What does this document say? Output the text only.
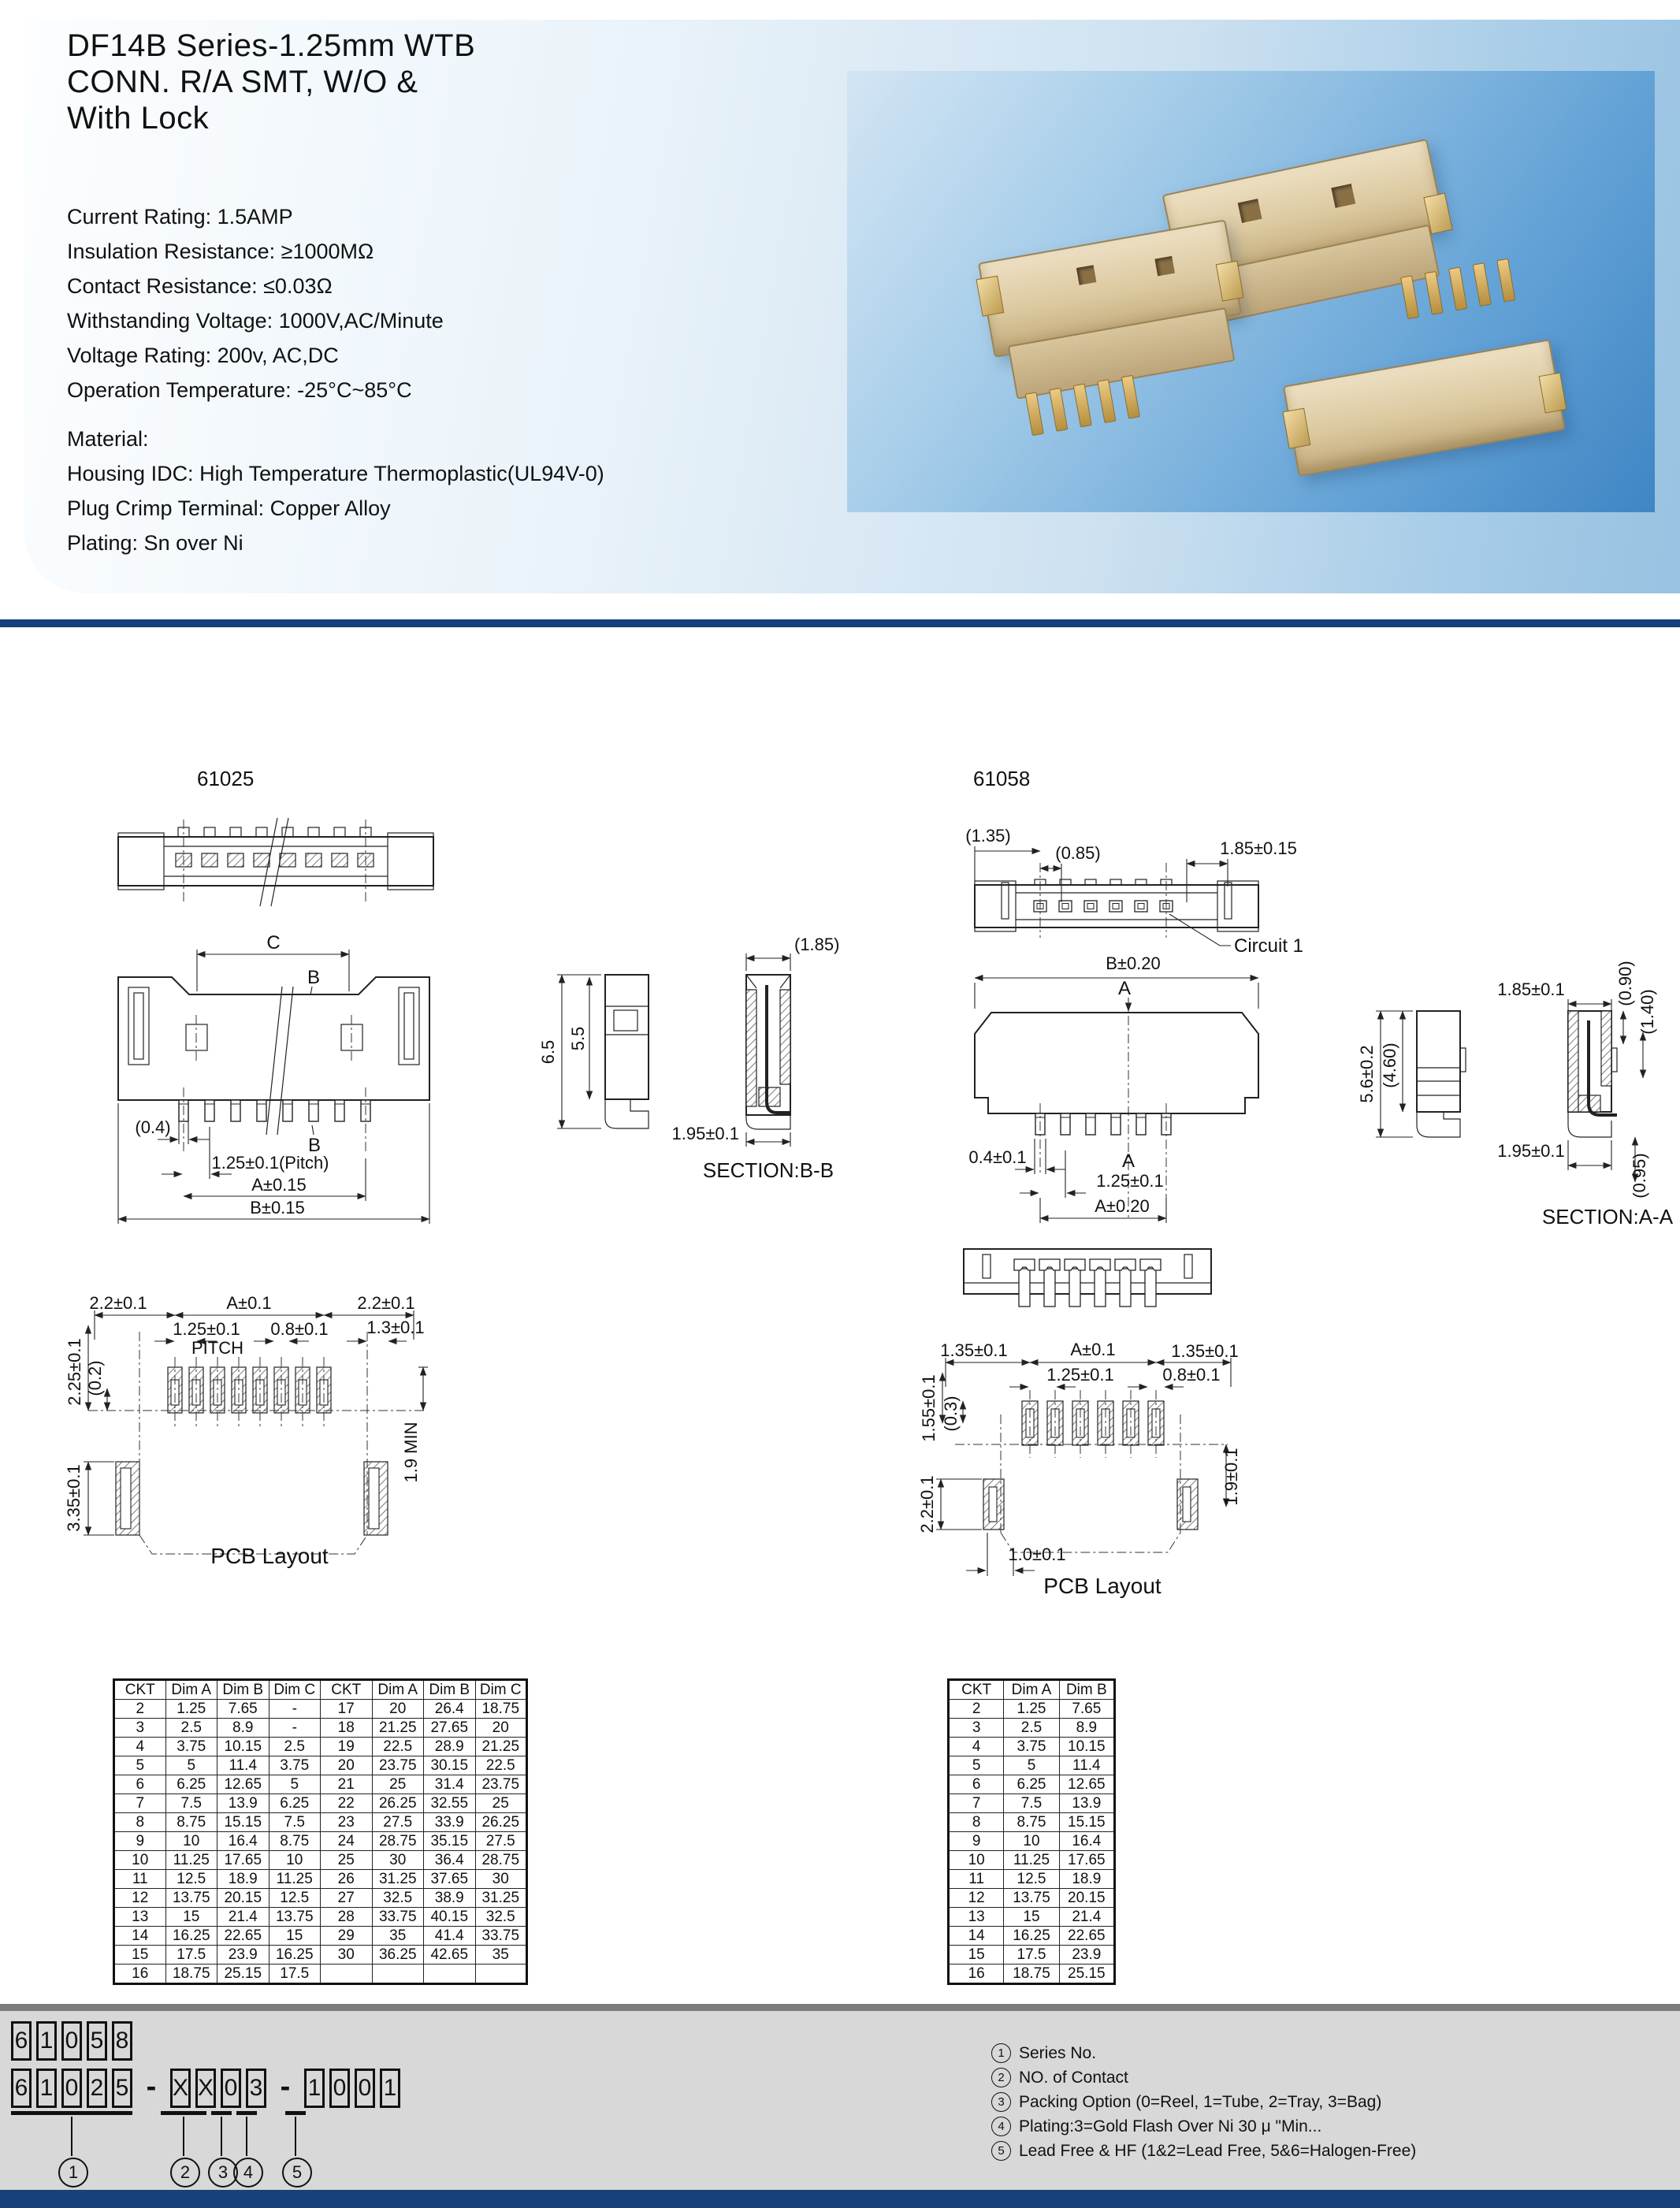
DF14B Series-1.25mm WTB
CONN. R/A SMT, W/O &
With Lock
Current Rating: 1.5AMP
Insulation Resistance: ≥1000MΩ
Contact Resistance: ≤0.03Ω
Withstanding Voltage: 1000V,AC/Minute
Voltage Rating: 200v, AC,DC
Operation Temperature: -25°C~85°C
Material:
Housing IDC: High Temperature Thermoplastic(UL94V-0)
Plug Crimp Terminal: Copper Alloy
Plating: Sn over Ni
61025
C
B
(0.4)
1.25±0.1(Pitch)
A±0.15
B±0.15
B
6.5
5.5
(1.85)
1.95±0.1
SECTION:B-B
2.2±0.1	A±0.1	2.2±0.1
1.25±0.1
PITCH
0.8±0.1 1.3±0.1
2.25±0.1 (0.2)
3.35±0.1
1.9 MIN
PCB Layout
61058
(1.35)
(0.85)	1.85±0.15
Circuit 1
B±0.20
A
0.4±0.1	A
1.25±0.1
A±0.20
5.6±0.2 (4.60)
1.85±0.1	(0.90)
(1.40)
1.95±0.1
(0.95)
SECTION:A-A
1.35±0.1	A±0.1	1.35±0.1
1.25±0.1	0.8±0.1
1.55±0.1 (0.3)
2.2±0.1	1.9±0.1
1.0±0.1
PCB Layout
CKT	Dim A	Dim B	Dim C	CKT	Dim A	Dim B	Dim C
2	1.25	7.65	-	17	20	26.4	18.75
3	2.5	8.9	-	18	21.25	27.65	20
4	3.75	10.15	2.5	19	22.5	28.9	21.25
5	5	11.4	3.75	20	23.75	30.15	22.5
6	6.25	12.65	5	21	25	31.4	23.75
7	7.5	13.9	6.25	22	26.25	32.55	25
8	8.75	15.15	7.5	23	27.5	33.9	26.25
9	10	16.4	8.75	24	28.75	35.15	27.5
10	11.25	17.65	10	25	30	36.4	28.75
11	12.5	18.9	11.25	26	31.25	37.65	30
12	13.75	20.15	12.5	27	32.5	38.9	31.25
13	15	21.4	13.75	28	33.75	40.15	32.5
14	16.25	22.65	15	29	35	41.4	33.75
15	17.5	23.9	16.25	30	36.25	42.65	35
16	18.75	25.15	17.5				
CKT	Dim A	Dim B
2	1.25	7.65
3	2.5	8.9
4	3.75	10.15
5	5	11.4
6	6.25	12.65
7	7.5	13.9
8	8.75	15.15
9	10	16.4
10	11.25	17.65
11	12.5	18.9
12	13.75	20.15
13	15	21.4
14	16.25	22.65
15	17.5	23.9
16	18.75	25.15
6 1 0 5 8
6 1 0 2 5 - X X 0 3 - 1 0 0 1
1	2 3 4 5
1 Series No.
2 NO. of Contact
3 Packing Option (0=Reel, 1=Tube, 2=Tray, 3=Bag)
4 Plating:3=Gold Flash Over Ni 30 μ "Min...
5 Lead Free & HF (1&2=Lead Free, 5&6=Halogen-Free)
